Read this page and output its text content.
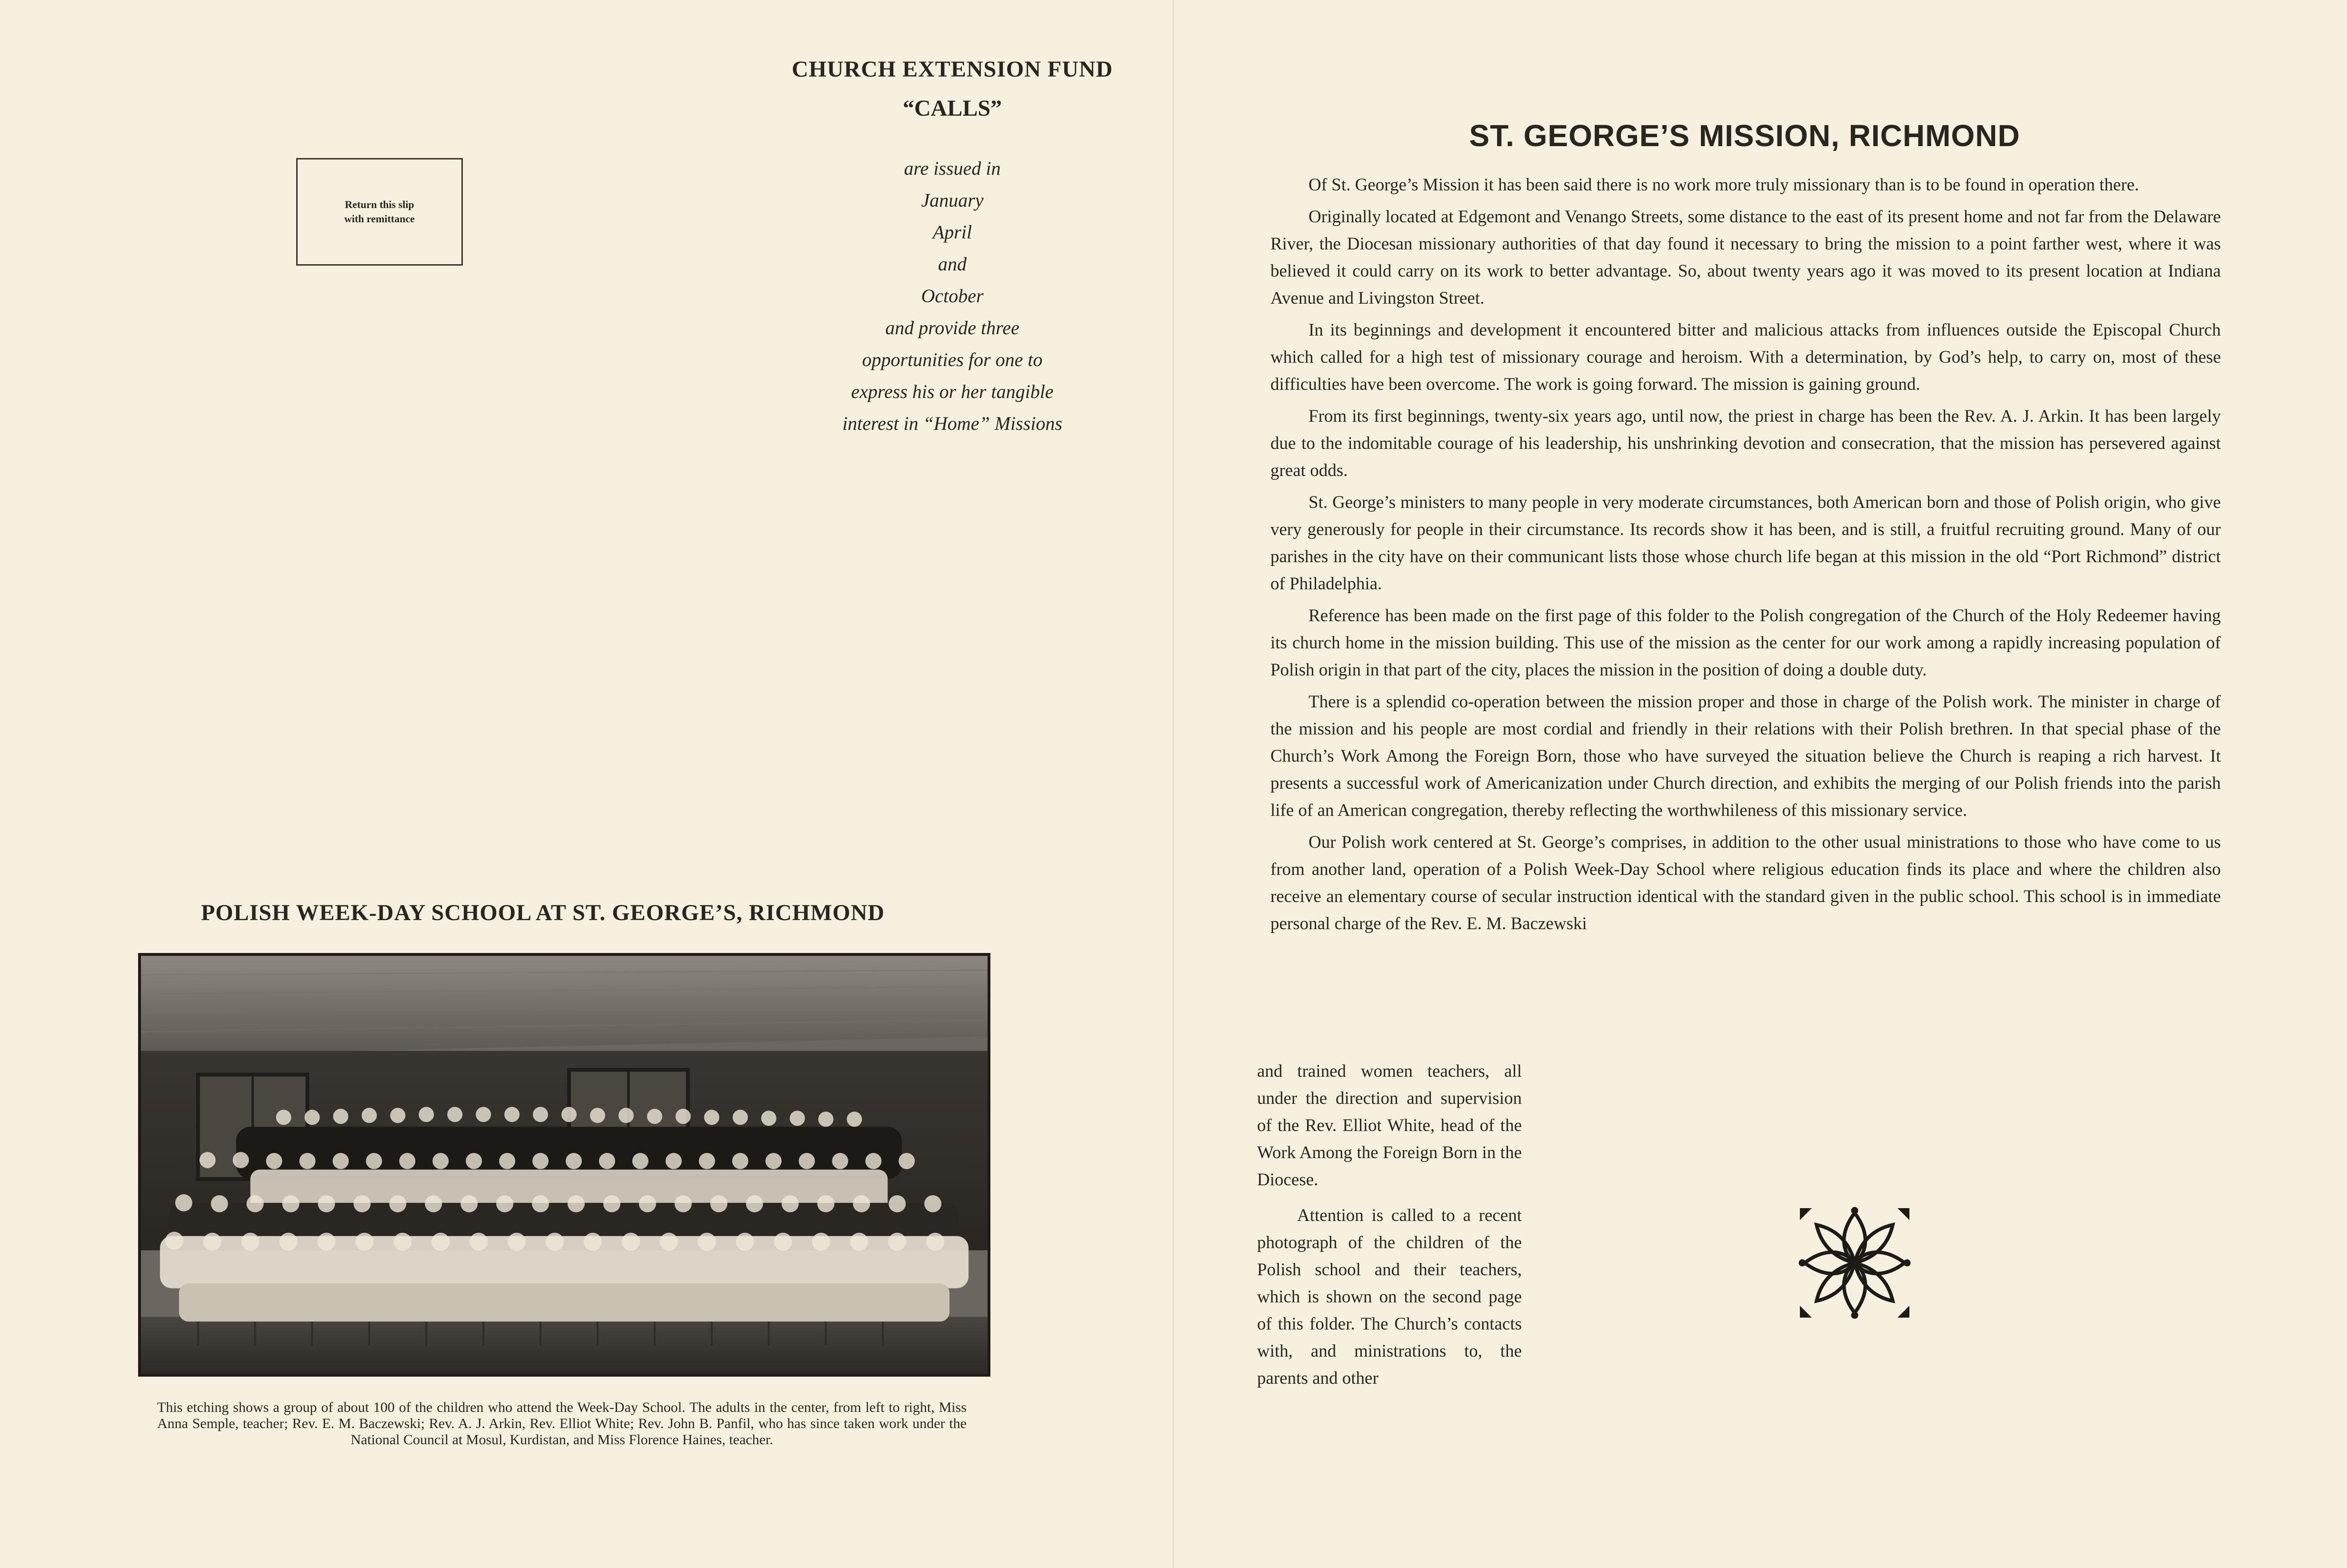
CHURCH EXTENSION FUND
“CALLS”
are issued in
January
April
and
October
and provide three
opportunities for one to
express his or her tangible
interest in “Home” Missions
Return this slip
with remittance
POLISH WEEK-DAY SCHOOL AT ST. GEORGE’S, RICHMOND
This etching shows a group of about 100 of the children who attend the Week-Day School. The adults in the center, from left to right, Miss Anna Semple, teacher; Rev. E. M. Baczewski; Rev. A. J. Arkin, Rev. Elliot White; Rev. John B. Panfil, who has since taken work under the National Council at Mosul, Kurdistan, and Miss Florence Haines, teacher.
ST. GEORGE’S MISSION, RICHMOND

Of St. George’s Mission it has been said there is no work more truly missionary than is to be found in operation there.

Originally located at Edgemont and Venango Streets, some distance to the east of its present home and not far from the Delaware River, the Diocesan missionary authorities of that day found it necessary to bring the mission to a point farther west, where it was believed it could carry on its work to better advantage. So, about twenty years ago it was moved to its present location at Indiana Avenue and Livingston Street.

In its beginnings and development it encountered bitter and malicious attacks from influences outside the Episcopal Church which called for a high test of missionary courage and heroism. With a determination, by God’s help, to carry on, most of these difficulties have been overcome. The work is going forward. The mission is gaining ground.

From its first beginnings, twenty-six years ago, until now, the priest in charge has been the Rev. A. J. Arkin. It has been largely due to the indomitable courage of his leadership, his unshrinking devotion and consecration, that the mission has persevered against great odds.

St. George’s ministers to many people in very moderate circumstances, both American born and those of Polish origin, who give very generously for people in their circumstance. Its records show it has been, and is still, a fruitful recruiting ground. Many of our parishes in the city have on their communicant lists those whose church life began at this mission in the old “Port Richmond” district of Philadelphia.

Reference has been made on the first page of this folder to the Polish congregation of the Church of the Holy Redeemer having its church home in the mission building. This use of the mission as the center for our work among a rapidly increasing population of Polish origin in that part of the city, places the mission in the position of doing a double duty.

There is a splendid co-operation between the mission proper and those in charge of the Polish work. The minister in charge of the mission and his people are most cordial and friendly in their relations with their Polish brethren. In that special phase of the Church’s Work Among the Foreign Born, those who have surveyed the situation believe the Church is reaping a rich harvest. It presents a successful work of Americanization under Church direction, and exhibits the merging of our Polish friends into the parish life of an American congregation, thereby reflecting the worthwhileness of this missionary service.

Our Polish work centered at St. George’s comprises, in addition to the other usual ministrations to those who have come to us from another land, operation of a Polish Week-Day School where religious education finds its place and where the children also receive an elementary course of secular instruction identical with the standard given in the public school. This school is in immediate personal charge of the Rev. E. M. Baczewski

and trained women teachers, all under the direction and supervision of the Rev. Elliot White, head of the Work Among the Foreign Born in the Diocese.

Attention is called to a recent photograph of the children of the Polish school and their teachers, which is shown on the second page of this folder. The Church’s contacts with, and ministrations to, the parents and other
